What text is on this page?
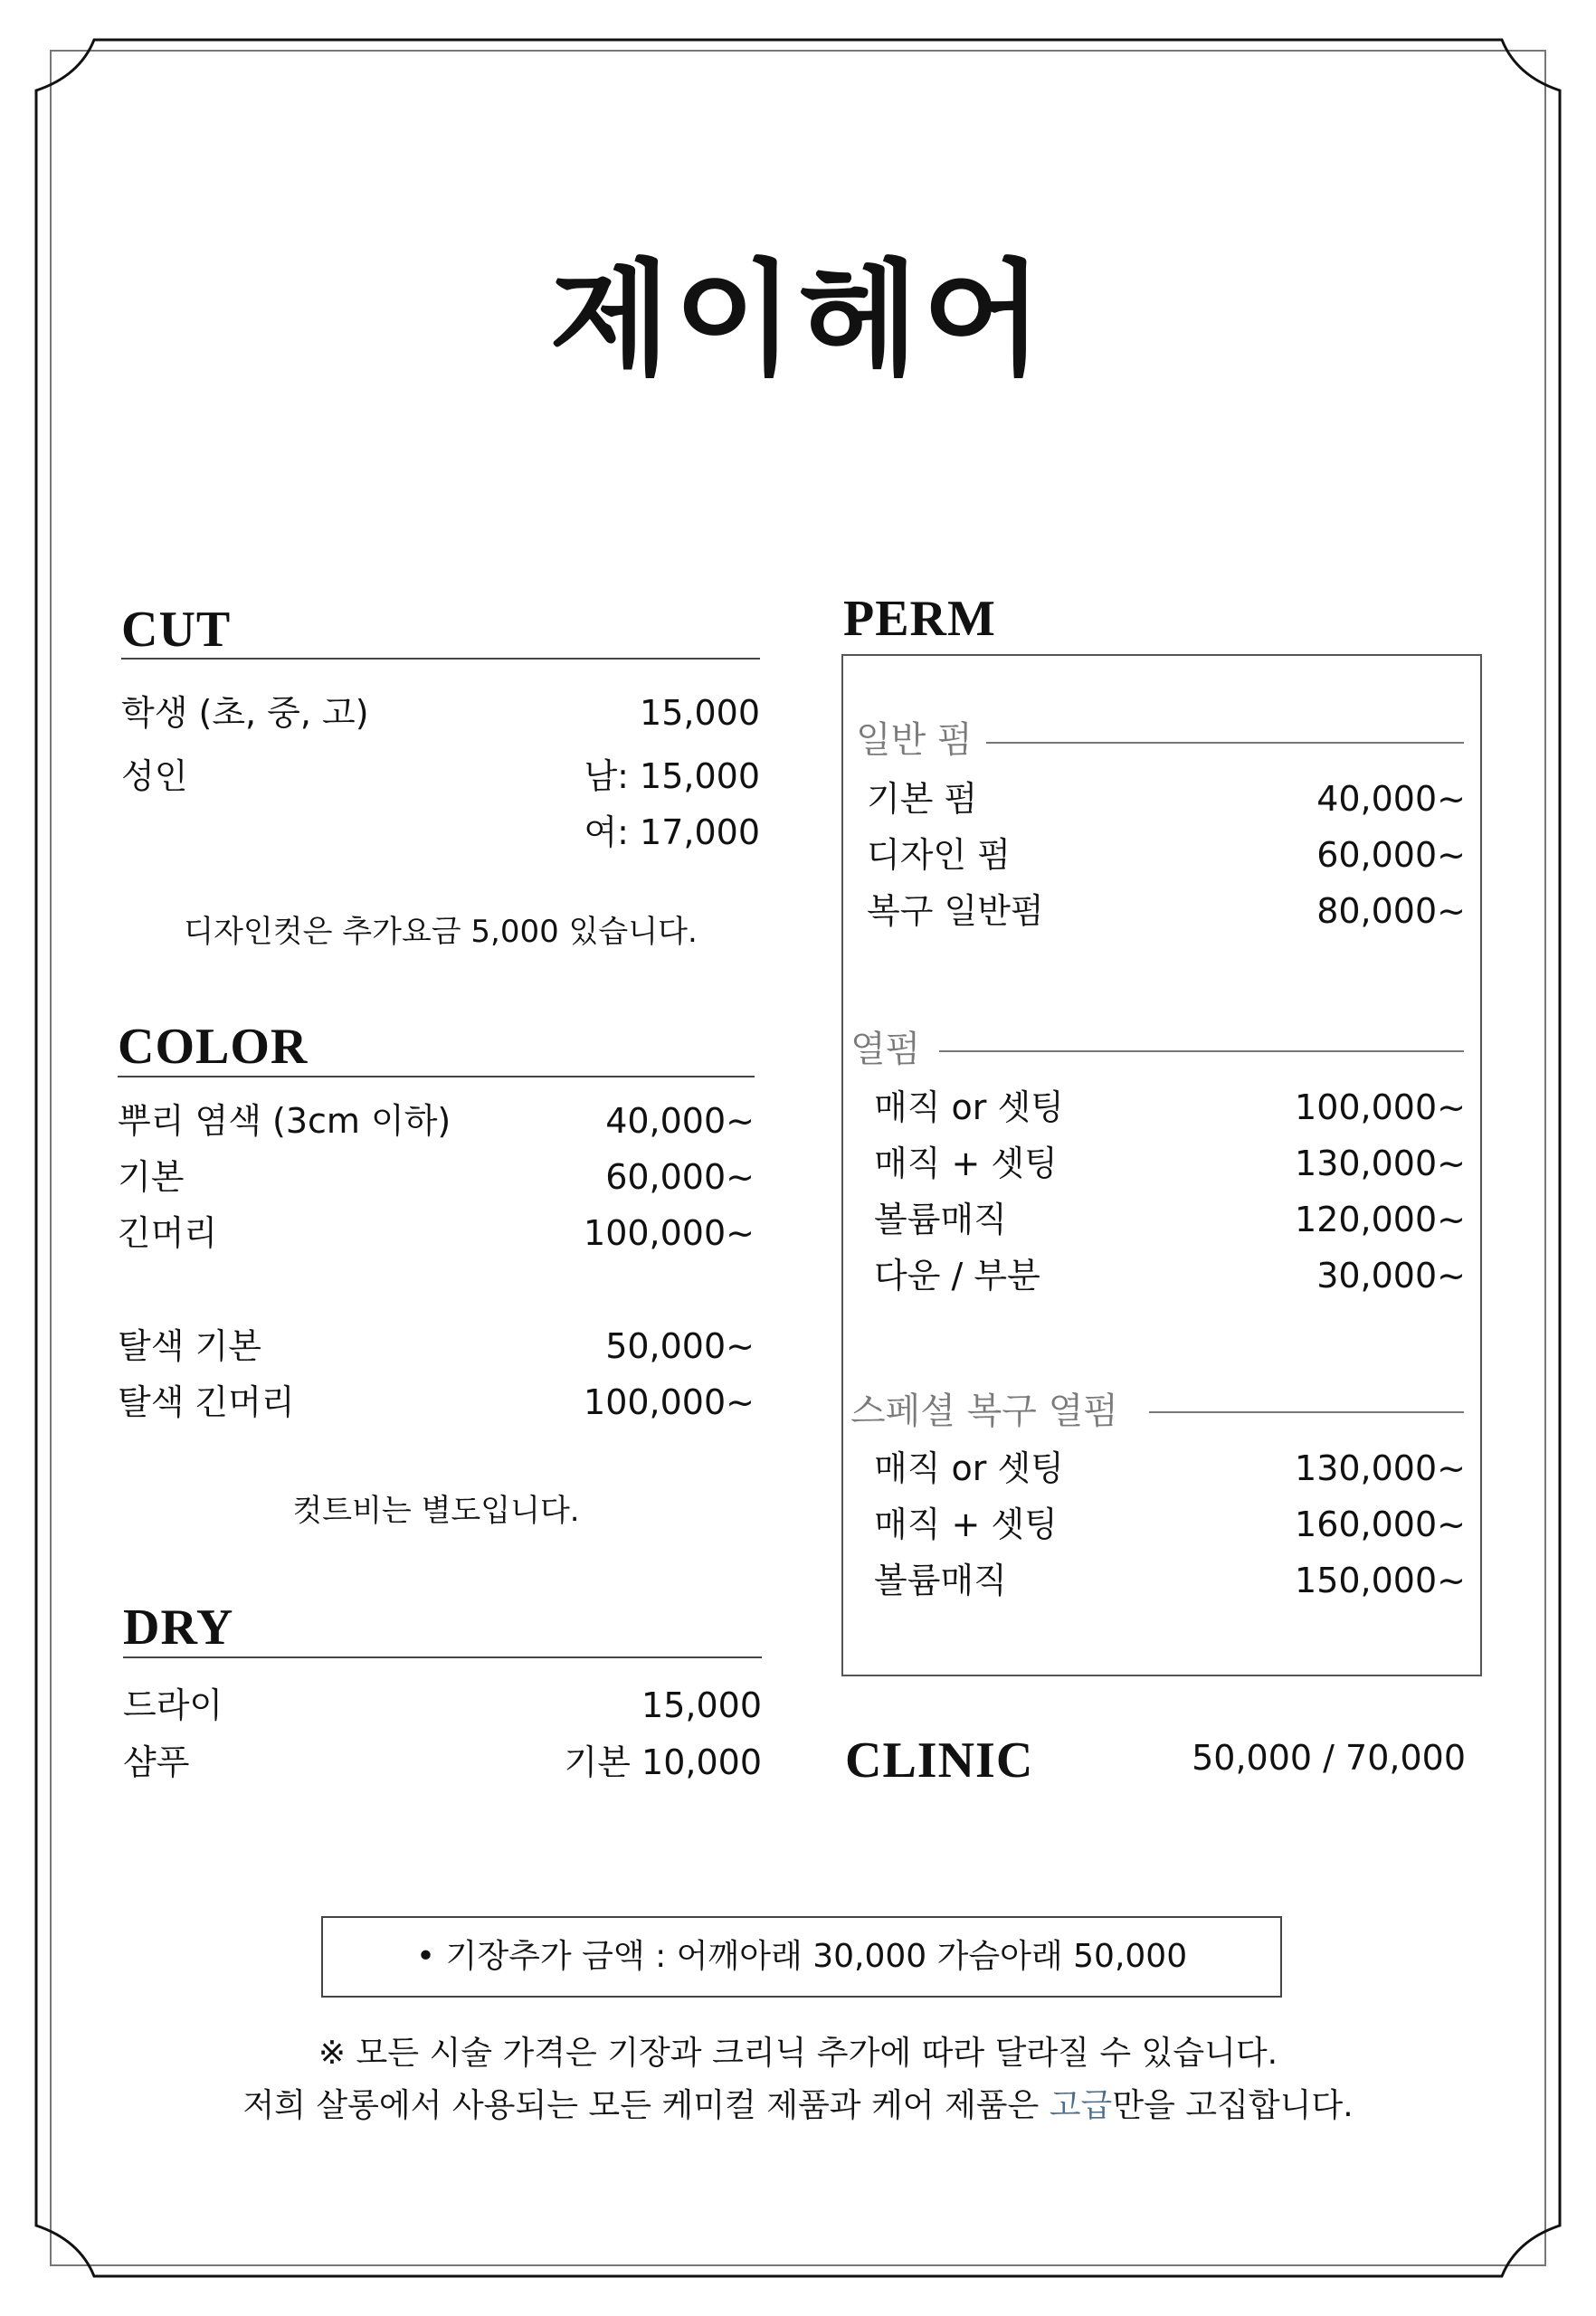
제이헤어
CUT
학생 (초, 중, 고)	15,000
성인	남: 15,000
여: 17,000
디자인컷은 추가요금 5,000 있습니다.
COLOR
뿌리 염색 (3cm 이하)	40,000~
기본	60,000~
긴머리	100,000~
탈색 기본	50,000~
탈색 긴머리	100,000~
컷트비는 별도입니다.
DRY
드라이	15,000
샴푸	기본 10,000
PERM
일반 펌
기본 펌	40,000~
디자인 펌	60,000~
복구 일반펌	80,000~
열펌
매직 or 셋팅	100,000~
매직 + 셋팅	130,000~
볼륨매직	120,000~
다운 / 부분	30,000~
스페셜 복구 열펌
매직 or 셋팅	130,000~
매직 + 셋팅	160,000~
볼륨매직	150,000~
CLINIC	50,000 / 70,000
• 기장추가 금액 : 어깨아래 30,000 가슴아래 50,000
※ 모든 시술 가격은 기장과 크리닉 추가에 따라 달라질 수 있습니다.
저희 살롱에서 사용되는 모든 케미컬 제품과 케어 제품은 고급만을 고집합니다.
